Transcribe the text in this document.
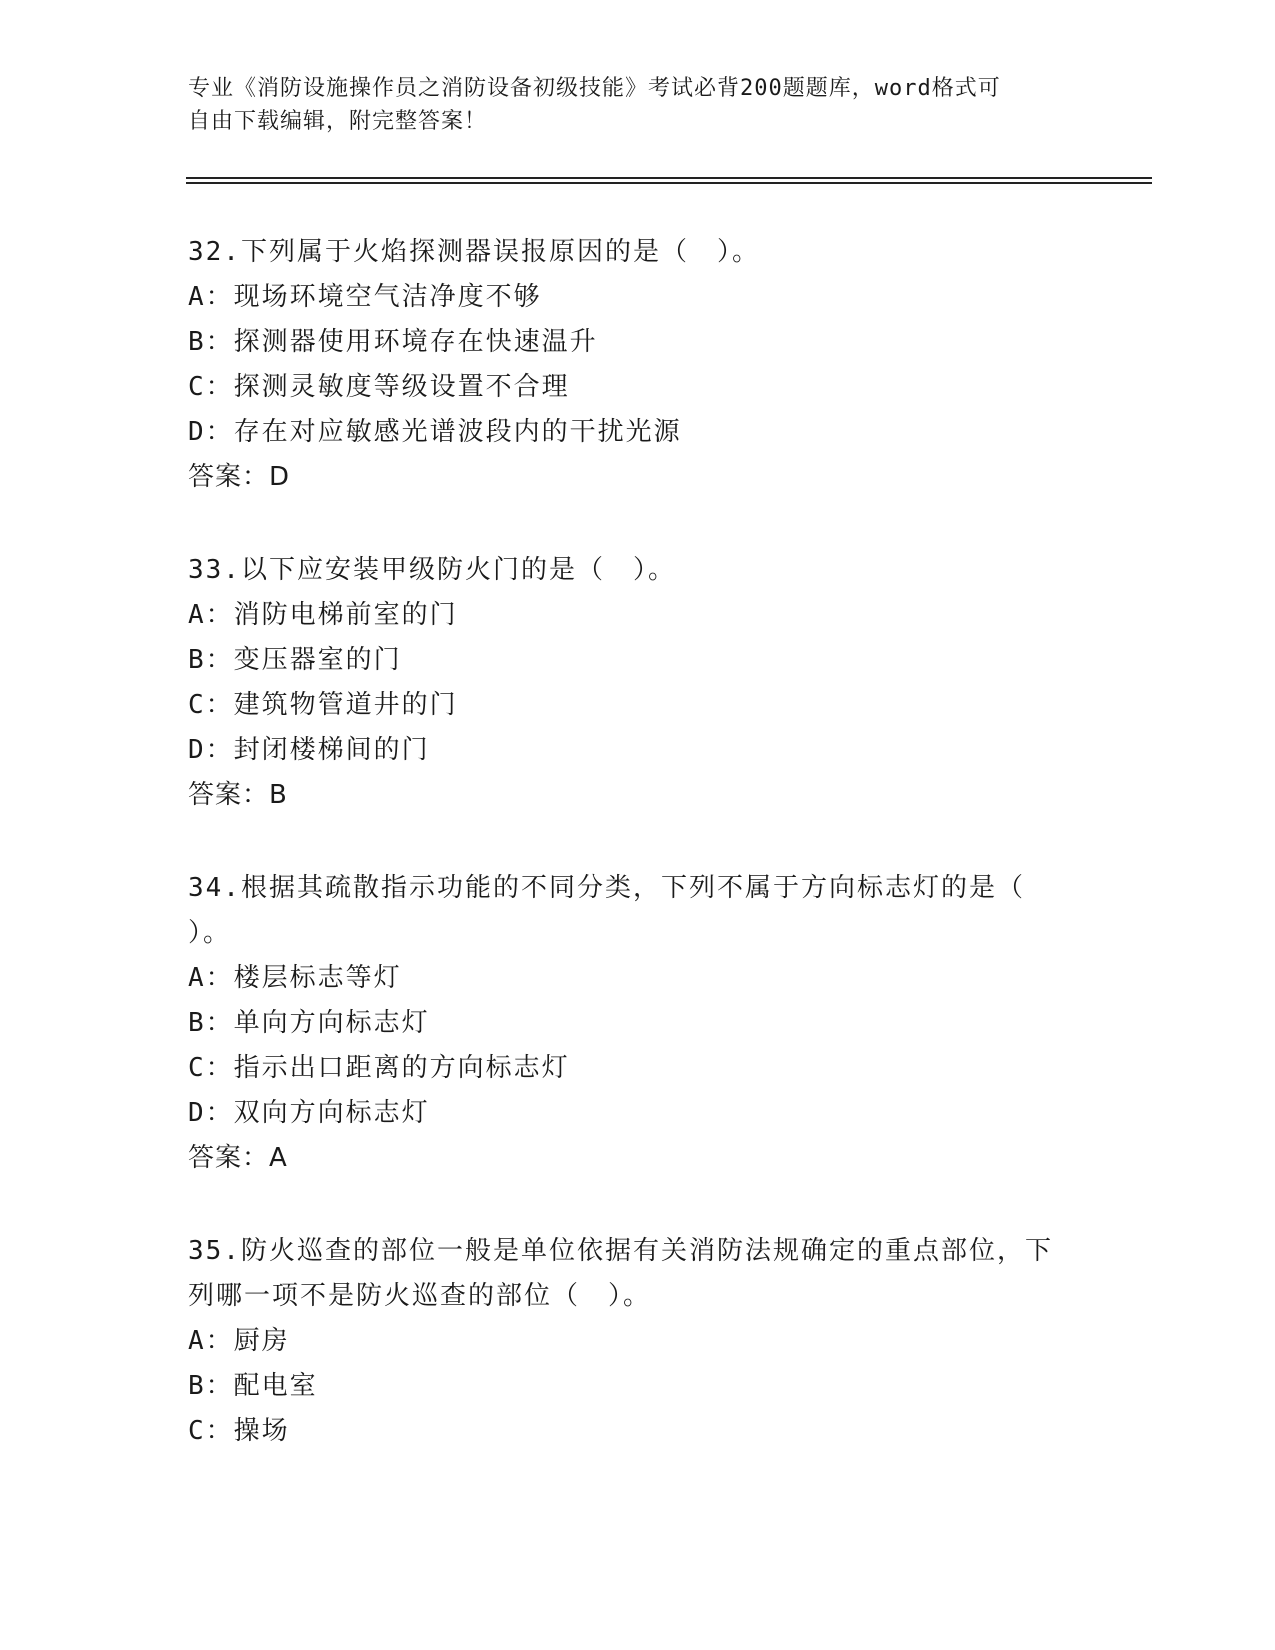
专业《消防设施操作员之消防设备初级技能》考试必背200题题库，word格式可
自由下载编辑，附完整答案！
32.下列属于火焰探测器误报原因的是（　）。
A：现场环境空气洁净度不够
B：探测器使用环境存在快速温升
C：探测灵敏度等级设置不合理
D：存在对应敏感光谱波段内的干扰光源
答案：D
33.以下应安装甲级防火门的是（　）。
A：消防电梯前室的门
B：变压器室的门
C：建筑物管道井的门
D：封闭楼梯间的门
答案：B
34.根据其疏散指示功能的不同分类，下列不属于方向标志灯的是（
）。
A：楼层标志等灯
B：单向方向标志灯
C：指示出口距离的方向标志灯
D：双向方向标志灯
答案：A
35.防火巡查的部位一般是单位依据有关消防法规确定的重点部位，下
列哪一项不是防火巡查的部位（　）。
A：厨房
B：配电室
C：操场
